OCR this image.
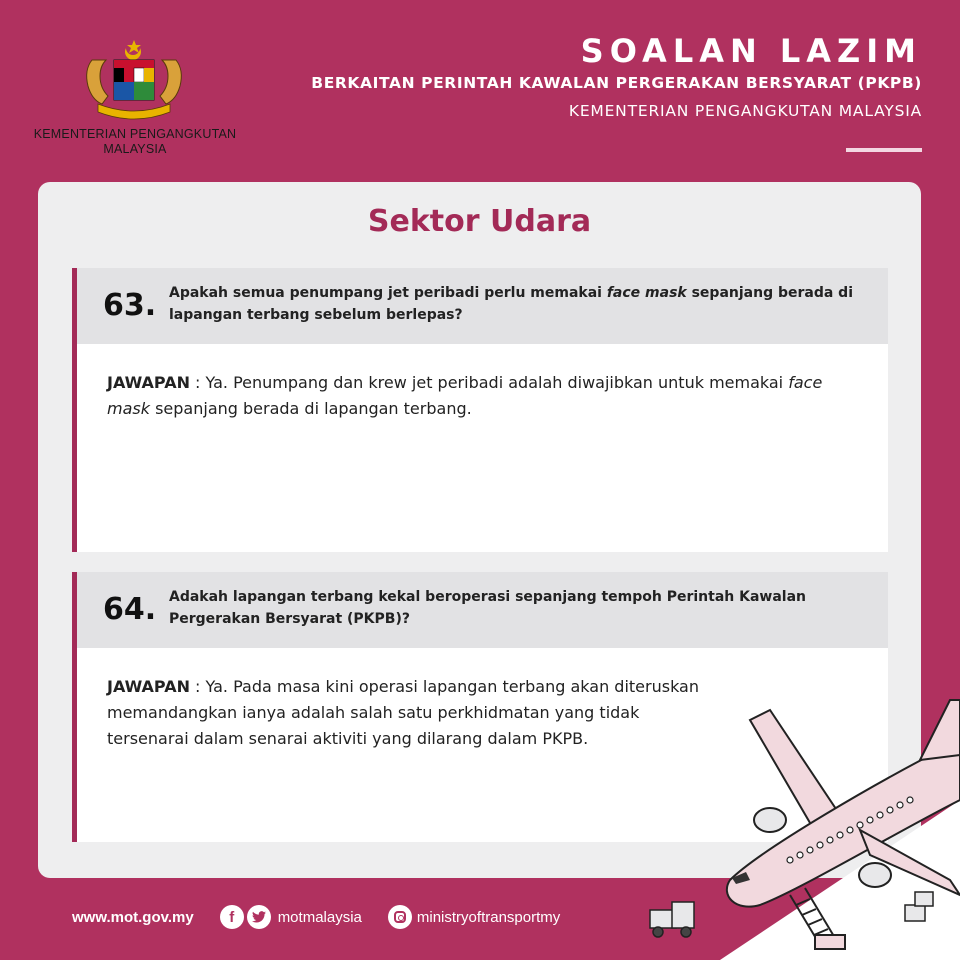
KEMENTERIAN PENGANGKUTAN
MALAYSIA
SOALAN LAZIM
BERKAITAN PERINTAH KAWALAN PERGERAKAN BERSYARAT (PKPB)
KEMENTERIAN PENGANGKUTAN MALAYSIA
Sektor Udara
63. Apakah semua penumpang jet peribadi perlu memakai face mask sepanjang berada di lapangan terbang sebelum berlepas?
JAWAPAN : Ya. Penumpang dan krew jet peribadi adalah diwajibkan untuk memakai face mask sepanjang berada di lapangan terbang.
64. Adakah lapangan terbang kekal beroperasi sepanjang tempoh Perintah Kawalan Pergerakan Bersyarat (PKPB)?
JAWAPAN : Ya. Pada masa kini operasi lapangan terbang akan diteruskan memandangkan ianya adalah salah satu perkhidmatan yang tidak tersenarai dalam senarai aktiviti yang dilarang dalam PKPB.
www.mot.gov.my	f	motmalaysia	ministryoftransportmy
